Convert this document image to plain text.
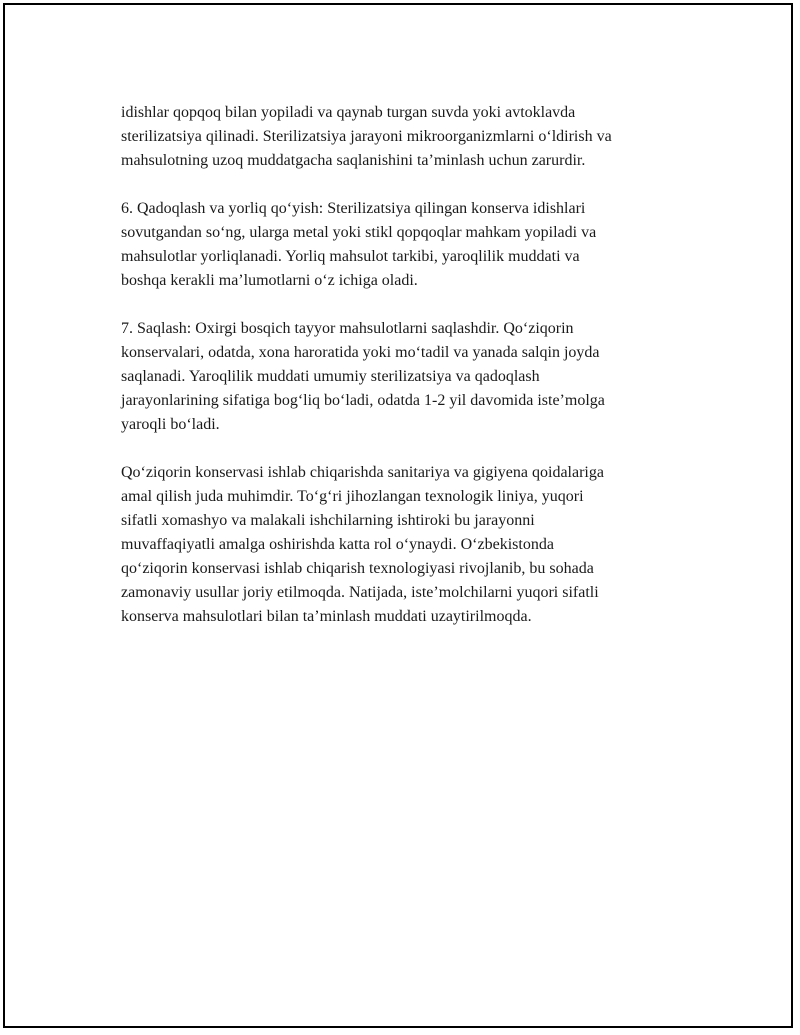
idishlar qopqoq bilan yopiladi va qaynab turgan suvda yoki avtoklavda
sterilizatsiya qilinadi. Sterilizatsiya jarayoni mikroorganizmlarni o‘ldirish va
mahsulotning uzoq muddatgacha saqlanishini ta’minlash uchun zarurdir.

6. Qadoqlash va yorliq qo‘yish: Sterilizatsiya qilingan konserva idishlari
sovutgandan so‘ng, ularga metal yoki stikl qopqoqlar mahkam yopiladi va
mahsulotlar yorliqlanadi. Yorliq mahsulot tarkibi, yaroqlilik muddati va
boshqa kerakli ma’lumotlarni o‘z ichiga oladi.

7. Saqlash: Oxirgi bosqich tayyor mahsulotlarni saqlashdir. Qo‘ziqorin
konservalari, odatda, xona haroratida yoki mo‘tadil va yanada salqin joyda
saqlanadi. Yaroqlilik muddati umumiy sterilizatsiya va qadoqlash
jarayonlarining sifatiga bog‘liq bo‘ladi, odatda 1-2 yil davomida iste’molga
yaroqli bo‘ladi.

Qo‘ziqorin konservasi ishlab chiqarishda sanitariya va gigiyena qoidalariga
amal qilish juda muhimdir. To‘g‘ri jihozlangan texnologik liniya, yuqori
sifatli xomashyo va malakali ishchilarning ishtiroki bu jarayonni
muvaffaqiyatli amalga oshirishda katta rol o‘ynaydi. O‘zbekistonda
qo‘ziqorin konservasi ishlab chiqarish texnologiyasi rivojlanib, bu sohada
zamonaviy usullar joriy etilmoqda. Natijada, iste’molchilarni yuqori sifatli
konserva mahsulotlari bilan ta’minlash muddati uzaytirilmoqda.
